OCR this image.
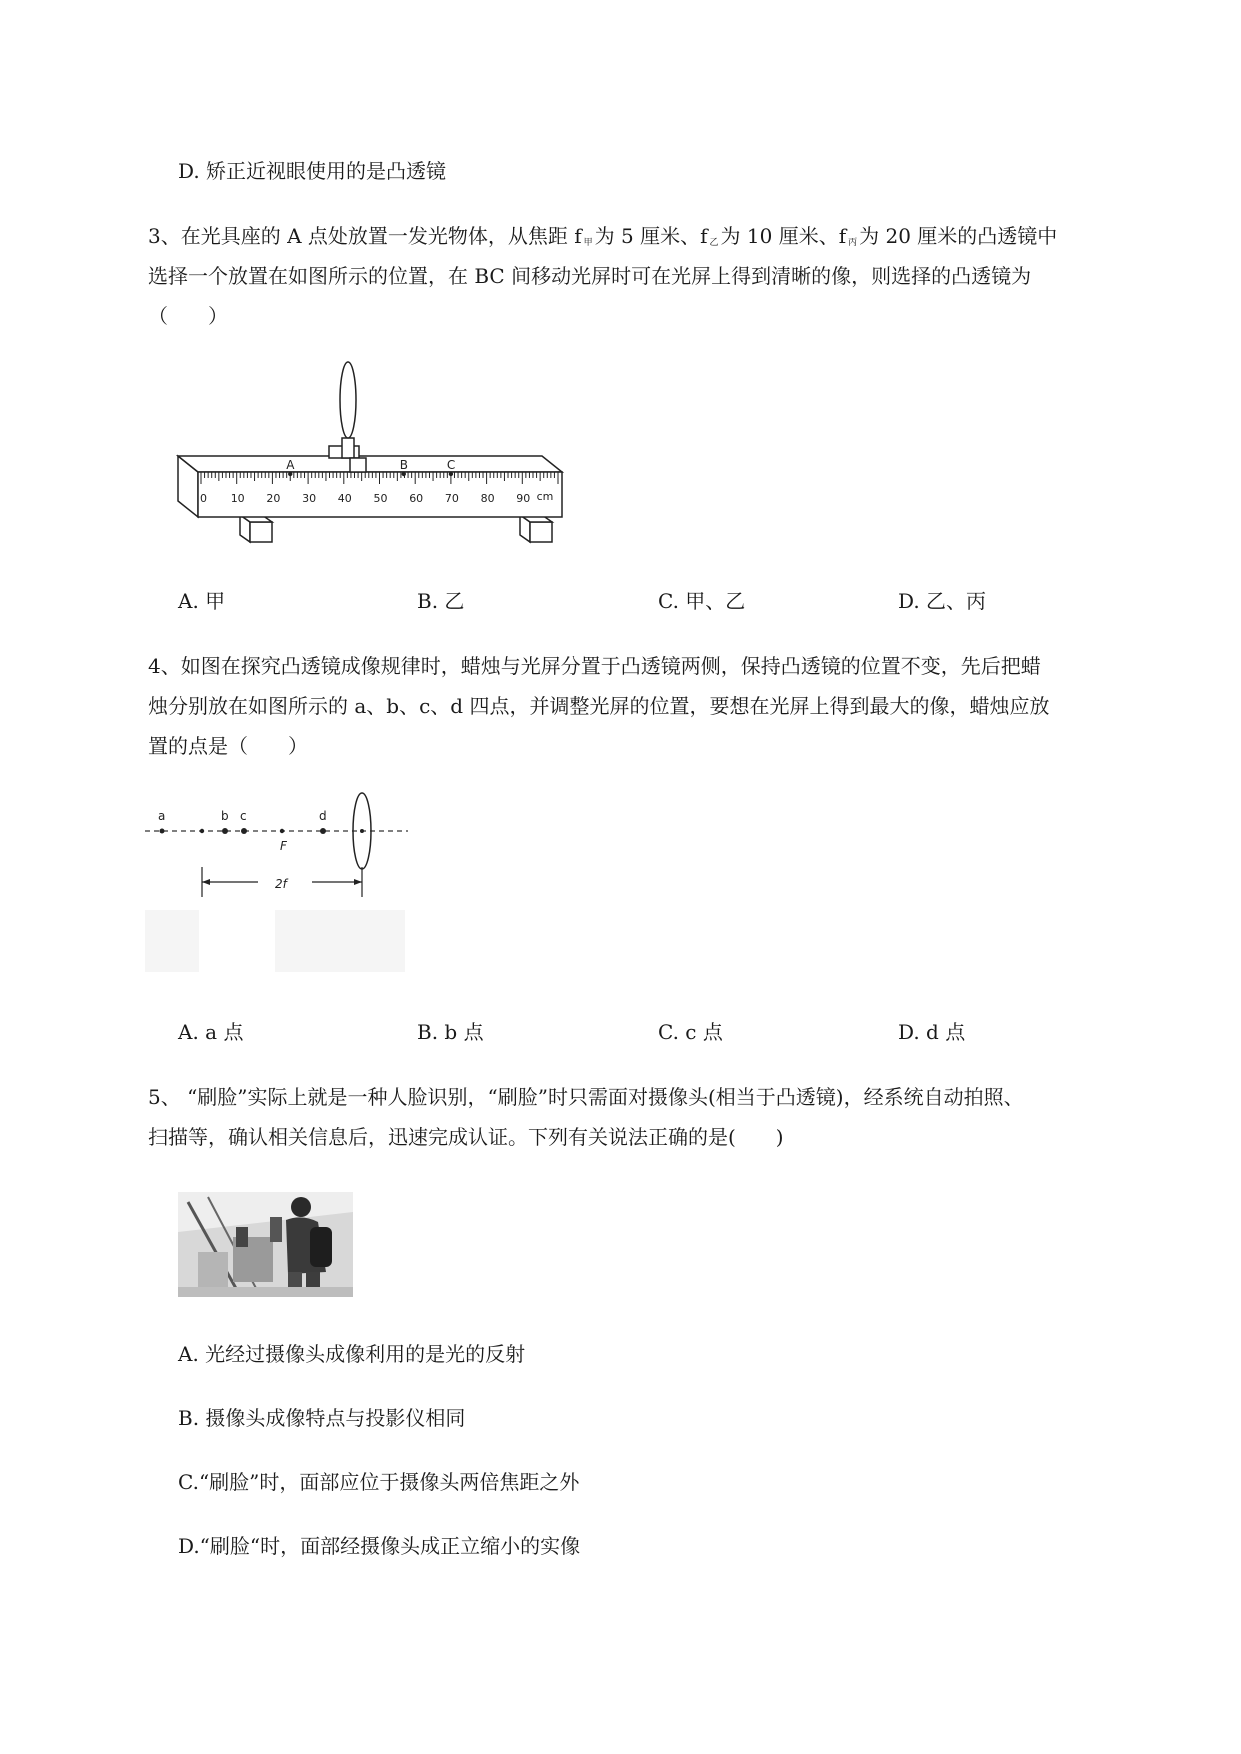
D. 矫正近视眼使用的是凸透镜
3、在光具座的 A 点处放置一发光物体，从焦距 f $_甲$ 为 5 厘米、f $_乙$ 为 10 厘米、f $_丙$ 为 20 厘米的凸透镜中
选择一个放置在如图所示的位置，在 BC 间移动光屏时可在光屏上得到清晰的像，则选择的凸透镜为
（　　）
0 10 20 30 40 50 60 70 80 90 cm
A	B	C
A. 甲	B. 乙	C. 甲、乙	D. 乙、丙
4、如图在探究凸透镜成像规律时，蜡烛与光屏分置于凸透镜两侧，保持凸透镜的位置不变，先后把蜡
烛分别放在如图所示的 a、b、c、d 四点，并调整光屏的位置，要想在光屏上得到最大的像，蜡烛应放
置的点是（　　）
a	b c	d
F
2f
A. a 点	B. b 点	C. c 点	D. d 点
5、 “刷脸”实际上就是一种人脸识别，“刷脸”时只需面对摄像头(相当于凸透镜)，经系统自动拍照、
扫描等，确认相关信息后，迅速完成认证。下列有关说法正确的是(　　)
A. 光经过摄像头成像利用的是光的反射
B. 摄像头成像特点与投影仪相同
C.“刷脸”时，面部应位于摄像头两倍焦距之外
D.“刷脸“时，面部经摄像头成正立缩小的实像
